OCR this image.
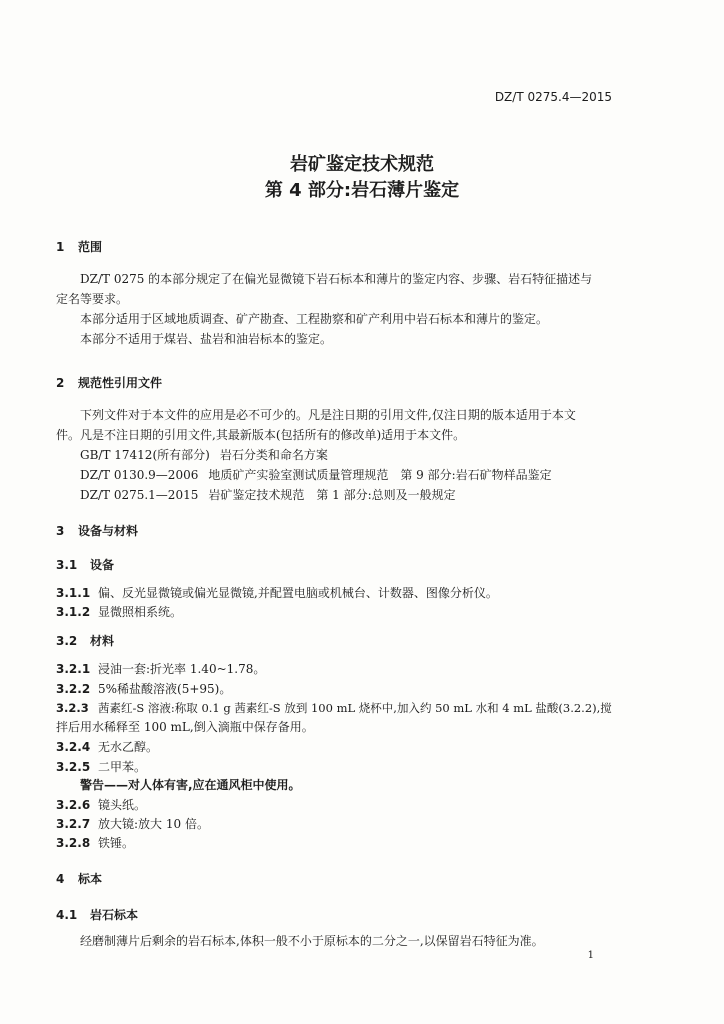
DZ/T 0275.4—2015
岩矿鉴定技术规范
第 4 部分:岩石薄片鉴定
1 范围
DZ/T 0275 的本部分规定了在偏光显微镜下岩石标本和薄片的鉴定内容、步骤、岩石特征描述与
定名等要求。
本部分适用于区域地质调查、矿产勘查、工程勘察和矿产利用中岩石标本和薄片的鉴定。
本部分不适用于煤岩、盐岩和油岩标本的鉴定。
2 规范性引用文件
下列文件对于本文件的应用是必不可少的。凡是注日期的引用文件,仅注日期的版本适用于本文
件。凡是不注日期的引用文件,其最新版本(包括所有的修改单)适用于本文件。
GB/T 17412(所有部分) 岩石分类和命名方案
DZ/T 0130.9—2006 地质矿产实验室测试质量管理规范　第 9 部分:岩石矿物样品鉴定
DZ/T 0275.1—2015 岩矿鉴定技术规范　第 1 部分:总则及一般规定
3 设备与材料
3.1 设备
3.1.1 偏、反光显微镜或偏光显微镜,并配置电脑或机械台、计数器、图像分析仪。
3.1.2 显微照相系统。
3.2 材料
3.2.1 浸油一套:折光率 1.40~1.78。
3.2.2 5%稀盐酸溶液(5+95)。
3.2.3 茜素红-S 溶液:称取 0.1 g 茜素红-S 放到 100 mL 烧杯中,加入约 50 mL 水和 4 mL 盐酸(3.2.2),搅
拌后用水稀释至 100 mL,倒入滴瓶中保存备用。
3.2.4 无水乙醇。
3.2.5 二甲苯。
警告——对人体有害,应在通风柜中使用。
3.2.6 镜头纸。
3.2.7 放大镜:放大 10 倍。
3.2.8 铁锤。
4 标本
4.1 岩石标本
经磨制薄片后剩余的岩石标本,体积一般不小于原标本的二分之一,以保留岩石特征为准。
1
